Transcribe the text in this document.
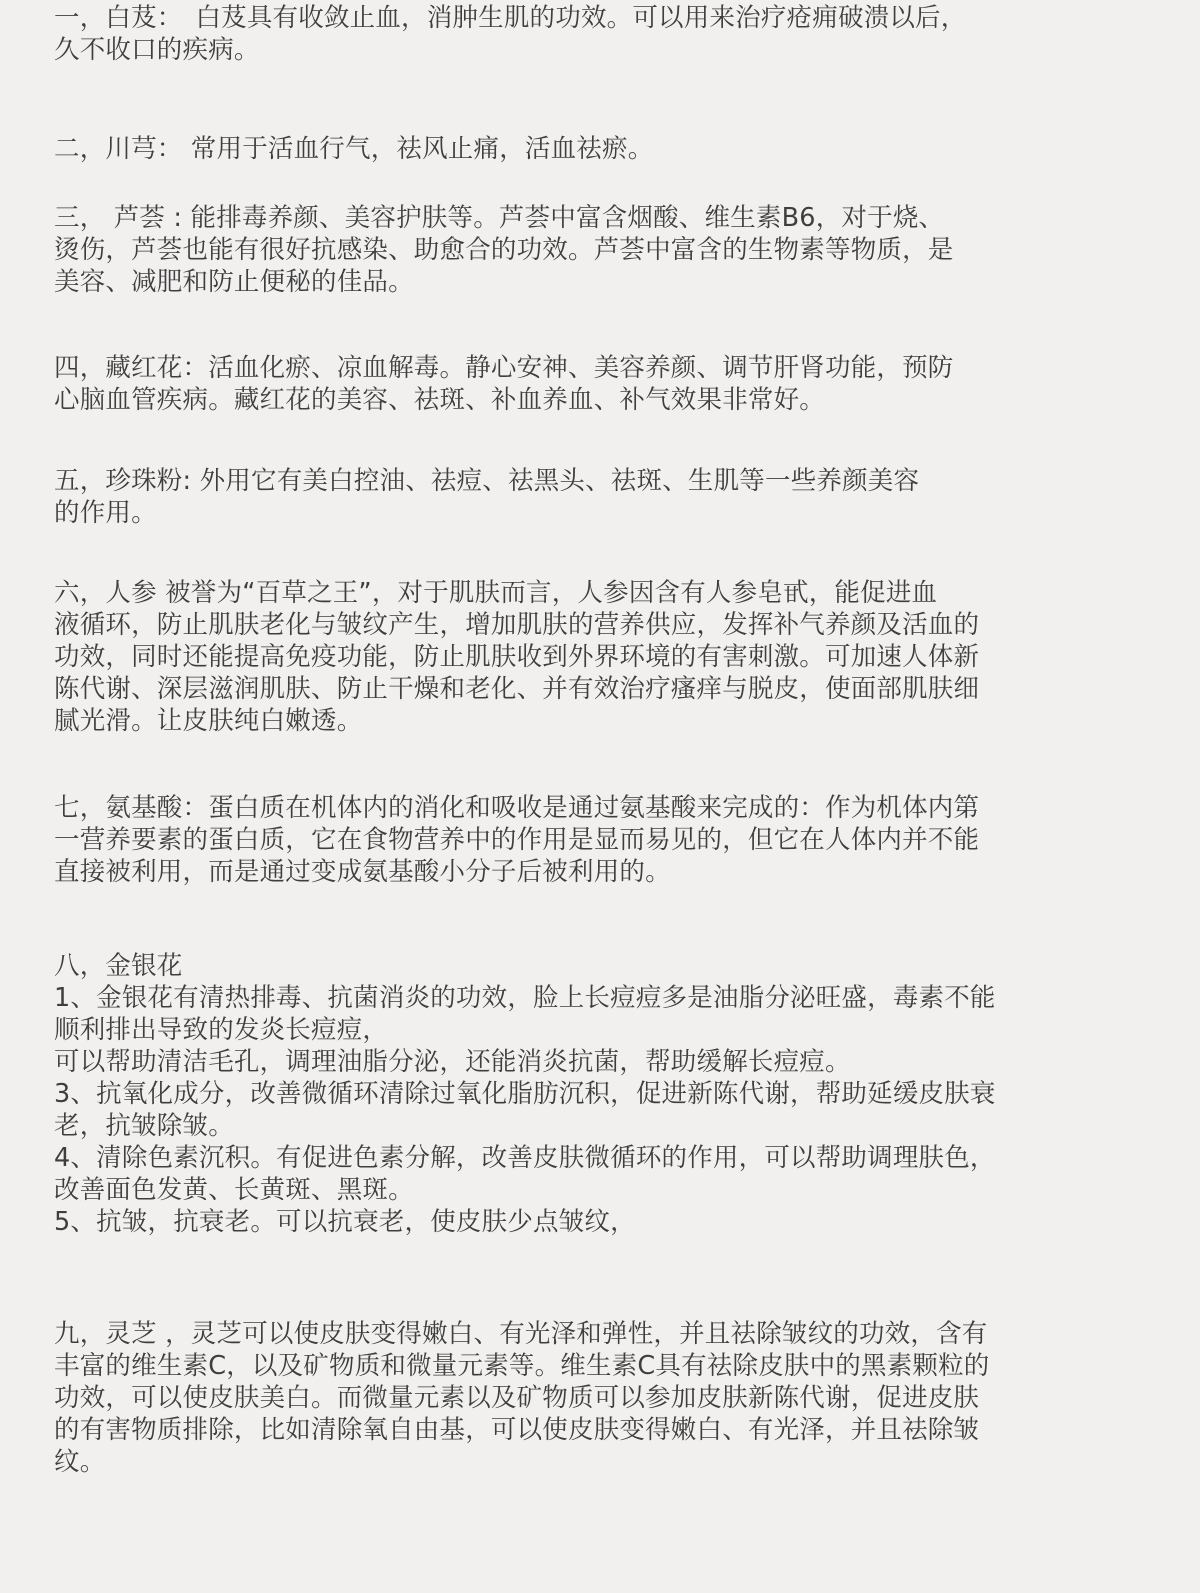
一，白芨：　白芨具有收敛止血，消肿生肌的功效。可以用来治疗疮痈破溃以后，
久不收口的疾病。
二，川芎： 常用于活血行气，祛风止痛，活血祛瘀。
三， 芦荟 : 能排毒养颜、美容护肤等。芦荟中富含烟酸、维生素B6，对于烧、
烫伤，芦荟也能有很好抗感染、助愈合的功效。芦荟中富含的生物素等物质，是
美容、减肥和防止便秘的佳品。
四，藏红花：活血化瘀、凉血解毒。静心安神、美容养颜、调节肝肾功能，预防
心脑血管疾病。藏红花的美容、祛斑、补血养血、补气效果非常好。
五，珍珠粉: 外用它有美白控油、祛痘、祛黑头、祛斑、生肌等一些养颜美容
的作用。
六，人参 被誉为“百草之王”，对于肌肤而言，人参因含有人参皂甙，能促进血
液循环，防止肌肤老化与皱纹产生，增加肌肤的营养供应，发挥补气养颜及活血的
功效，同时还能提高免疫功能，防止肌肤收到外界环境的有害刺激。可加速人体新
陈代谢、深层滋润肌肤、防止干燥和老化、并有效治疗瘙痒与脱皮，使面部肌肤细
腻光滑。让皮肤纯白嫩透。
七，氨基酸：蛋白质在机体内的消化和吸收是通过氨基酸来完成的：作为机体内第
一营养要素的蛋白质，它在食物营养中的作用是显而易见的，但它在人体内并不能
直接被利用，而是通过变成氨基酸小分子后被利用的。
八，金银花
1、金银花有清热排毒、抗菌消炎的功效，脸上长痘痘多是油脂分泌旺盛，毒素不能
顺利排出导致的发炎长痘痘，
可以帮助清洁毛孔，调理油脂分泌，还能消炎抗菌，帮助缓解长痘痘。
3、抗氧化成分，改善微循环清除过氧化脂肪沉积，促进新陈代谢，帮助延缓皮肤衰
老，抗皱除皱。
4、清除色素沉积。有促进色素分解，改善皮肤微循环的作用，可以帮助调理肤色，
改善面色发黄、长黄斑、黑斑。
5、抗皱，抗衰老。可以抗衰老，使皮肤少点皱纹，
九，灵芝 ，灵芝可以使皮肤变得嫩白、有光泽和弹性，并且祛除皱纹的功效，含有
丰富的维生素C，以及矿物质和微量元素等。维生素C具有祛除皮肤中的黑素颗粒的
功效，可以使皮肤美白。而微量元素以及矿物质可以参加皮肤新陈代谢，促进皮肤
的有害物质排除，比如清除氧自由基，可以使皮肤变得嫩白、有光泽，并且祛除皱
纹。
